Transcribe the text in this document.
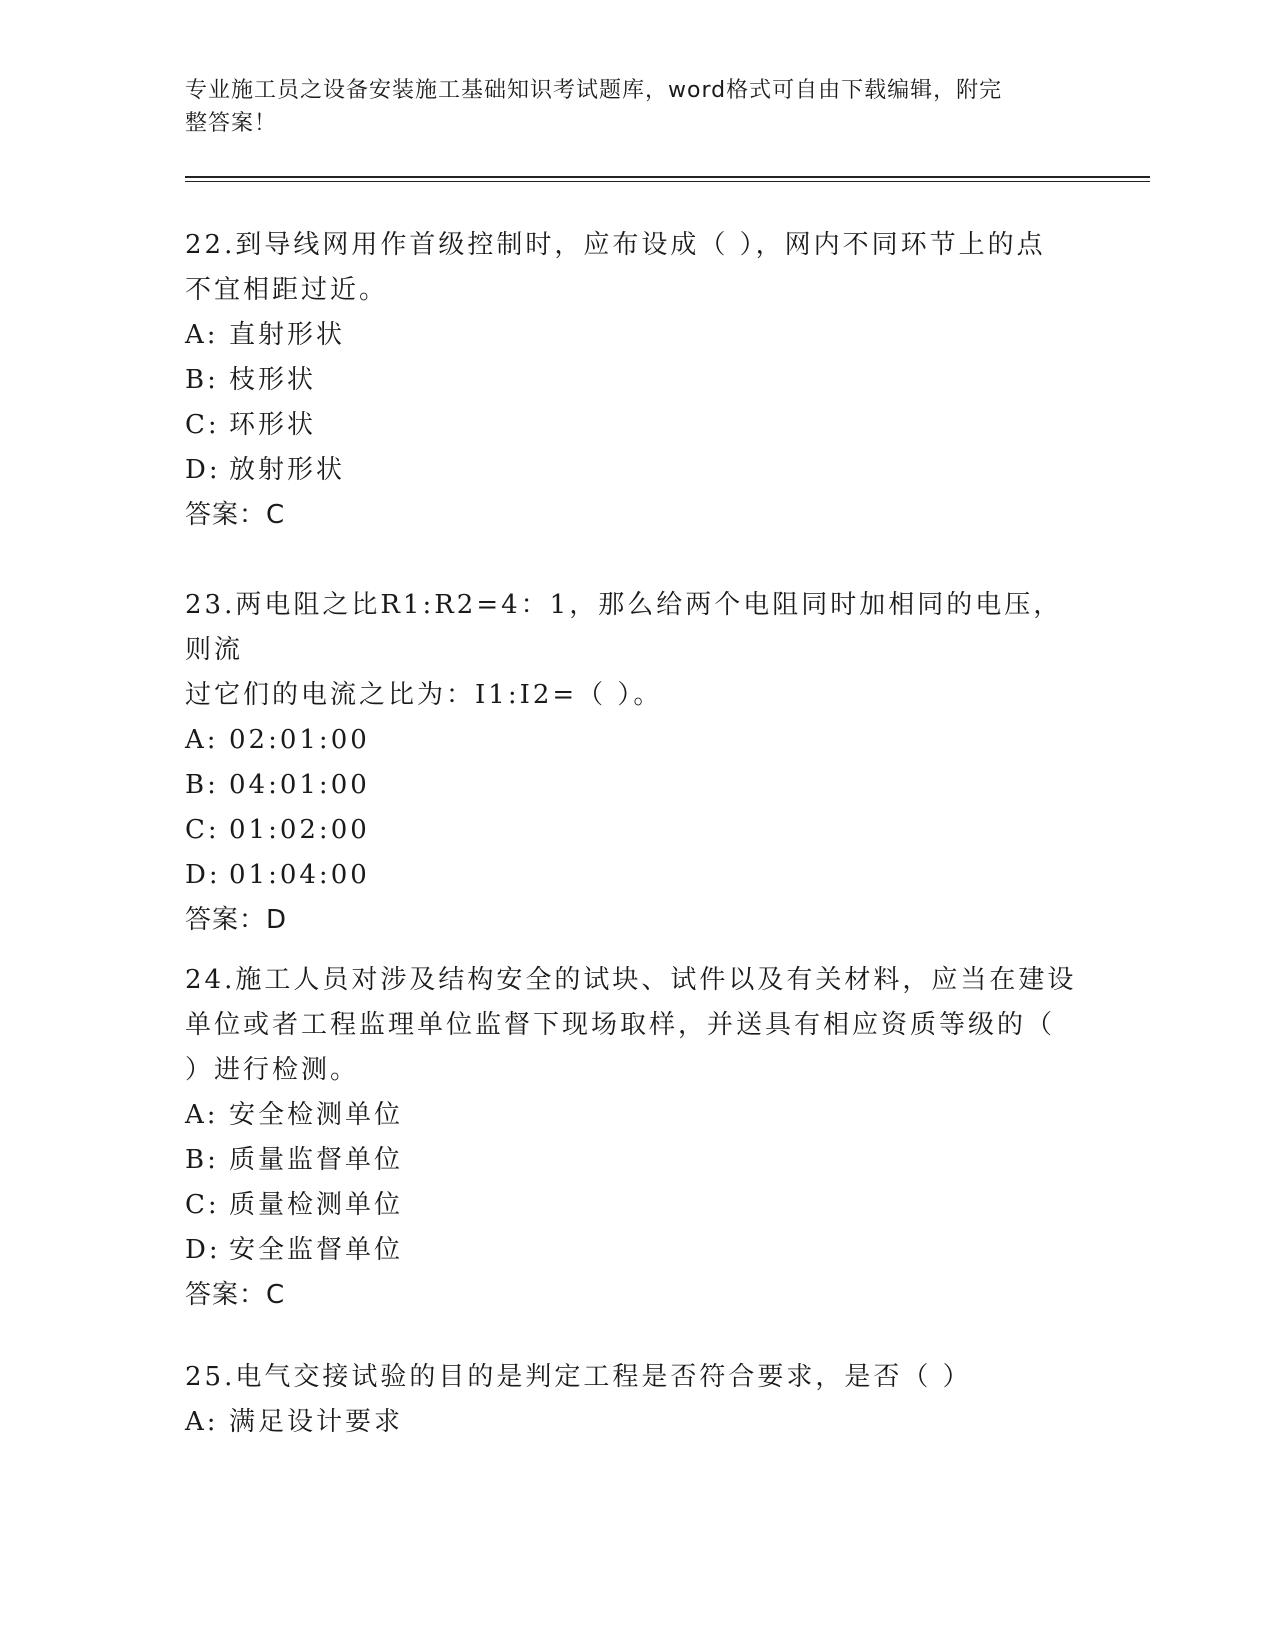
专业施工员之设备安装施工基础知识考试题库，word格式可自由下载编辑，附完
整答案！

22.到导线网用作首级控制时，应布设成（ ），网内不同环节上的点

不宜相距过近。

A: 直射形状

B: 枝形状

C: 环形状

D: 放射形状

答案：C

23.两电阻之比R1:R2=4：1，那么给两个电阻同时加相同的电压，则流

过它们的电流之比为：I1:I2=（ ）。

A: 02:01:00

B: 04:01:00

C: 01:02:00

D: 01:04:00

答案：D

24.施工人员对涉及结构安全的试块、试件以及有关材料，应当在建设

单位或者工程监理单位监督下现场取样，并送具有相应资质等级的（

）进行检测。

A: 安全检测单位

B: 质量监督单位

C: 质量检测单位

D: 安全监督单位

答案：C

25.电气交接试验的目的是判定工程是否符合要求，是否（ ）

A: 满足设计要求
